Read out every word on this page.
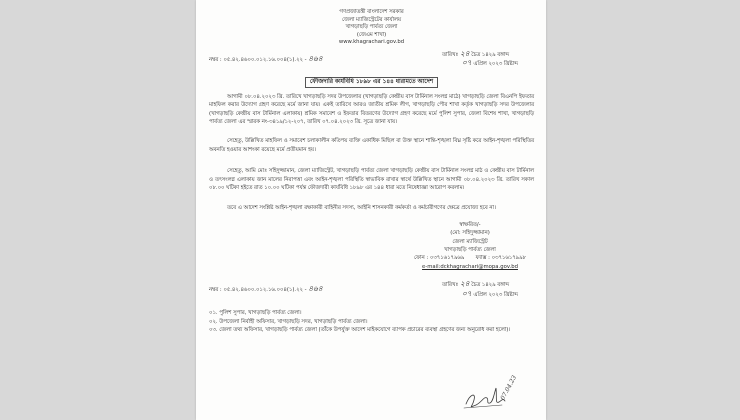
গণপ্রজাতন্ত্রী বাংলাদেশ সরকার
জেলা ম্যাজিস্ট্রেটের কার্যালয়
খাগড়াছড়ি পার্বত্য জেলা
(জেএম শাখা)
www.khagrachari.gov.bd
নম্বর : ০৫.৪২.৪৬০০.০১২.১৬.০০৪(১).২২ - ৪৬৪	তারিখঃ ২৪ চৈত্র ১৪২৯ বঙ্গাব্দ
০৭ এপ্রিল ২০২৩ খ্রিষ্টাব্দ
ফৌজদারি কার্যবিধি ১৮৯৮ এর ১৪৪ ধারামতে আদেশ

আগামী ০৮.০৪.২০২৩ খ্রি. তারিখে খাগড়াছড়ি সদর উপজেলার (খাগড়াছড়ি কেন্দ্রীয় বাস টার্মিনাল সংলগ্ন মাঠে) খাগড়াছড়ি জেলা বিএনপি ইফতার মাহফিল করার উদ্যোগ গ্রহণ করেছে মর্মে জানা যায়। একই তারিখে আরও জাতীয় শ্রমিক লীগ, খাগড়াছড়ি পৌর শাখা কর্তৃক খাগড়াছড়ি সদর উপজেলার (খাগড়াছড়ি কেন্দ্রীয় বাস টার্মিনাল এলাকায়) শ্রমিক সমাবেশ ও ইফতার বিতরণের উদ্যোগ গ্রহণ করেছে মর্মে পুলিশ সুপার, জেলা বিশেষ শাখা, খাগড়াছড়ি পার্বত্য জেলা এর স্মারক নং-৩৪১৯/১২-২০৭, তারিখ ০৭.০৪.২০২৩ খ্রি. সূত্রে জানা যায়।

সেহেতু, উল্লিখিত মাহফিল ও সমাবেশ চলাকালীন কতিপয় ব্যক্তি একাধিক মিছিল বা উক্ত স্থানে শান্তি-শৃঙ্খলা বিঘ্ন সৃষ্টি করে আইন-শৃঙ্খলা পরিস্থিতির অবনতি হওয়ার আশংকা রয়েছে মর্মে প্রতীয়মান হয়।

সেহেতু, আমি মোঃ সহিদুজ্জামান, জেলা ম্যাজিস্ট্রেট, খাগড়াছড়ি পার্বত্য জেলা খাগড়াছড়ি কেন্দ্রীয় বাস টার্মিনাল সংলগ্ন মাঠ ও কেন্দ্রীয় বাস টার্মিনাল ও তৎসংলগ্ন এলাকায় জান মালের নিরাপত্তা এবং আইন-শৃঙ্খলা পরিস্থিতি স্বাভাবিক রাখার স্বার্থে উল্লিখিত স্থানে আগামী ০৮.০৪.২০২৩ খ্রি. তারিখ সকাল ০৮.০০ ঘটিকা হইতে রাত ১০.০০ ঘটিকা পর্যন্ত ফৌজদারী কার্যবিধি ১৮৯৮ এর ১৪৪ ধারা মতে নিষেধাজ্ঞা আরোপ করলাম।

তবে এ আদেশ সংশ্লিষ্ট আইন-শৃঙ্খলা রক্ষাকারী বাহিনীর সদস্য, আইনি শাসনকারী কর্মকর্তা ও কর্মচারীগণের ক্ষেত্রে প্রযোজ্য হবে না।

স্বাক্ষরিত/-
(মো: সহিদুজ্জামান)
জেলা ম্যাজিস্ট্রেট
খাগড়াছড়ি পার্বত্য জেলা
ফোন : ০৩৭১৬১৭৯৬৯ ফ্যাক্স : ০৩৭১৬১৭৯৯৮
e-mail:dckhagrachari@mopa.gov.bd
নম্বর : ০৫.৪২.৪৬০০.০১২.১৬.০০৪(১).২২ - ৪৬৪	তারিখঃ ২৪ চৈত্র ১৪২৯ বঙ্গাব্দ
০৭ এপ্রিল ২০২৩ খ্রিষ্টাব্দ
০১. পুলিশ সুপার, খাগড়াছড়ি পার্বত্য জেলা।
০২. উপজেলা নির্বাহী অফিসার, খাগড়াছড়ি সদর, খাগড়াছড়ি পার্বত্য জেলা।
০৩. জেলা তথ্য অফিসার, খাগড়াছড়ি পার্বত্য জেলা (তাঁকে উপর্যুক্ত আদেশ মাইকযোগে ব্যাপক প্রচারের ব্যবস্থা গ্রহণের জন্য অনুরোধ করা হলো)।
07.04.23
